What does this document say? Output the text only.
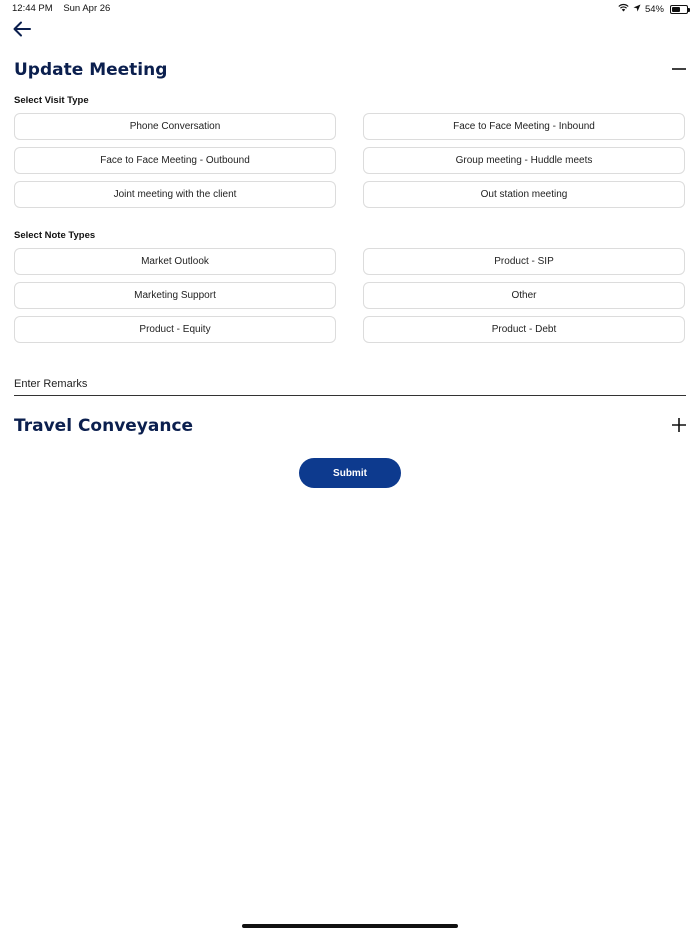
12:44 PM Sun Apr 26	54%
Update Meeting
Select Visit Type
Phone Conversation	Face to Face Meeting - Inbound
Face to Face Meeting - Outbound	Group meeting - Huddle meets
Joint meeting with the client	Out station meeting
Select Note Types
Market Outlook	Product - SIP
Marketing Support	Other
Product - Equity	Product - Debt
Enter Remarks
Travel Conveyance
Submit
